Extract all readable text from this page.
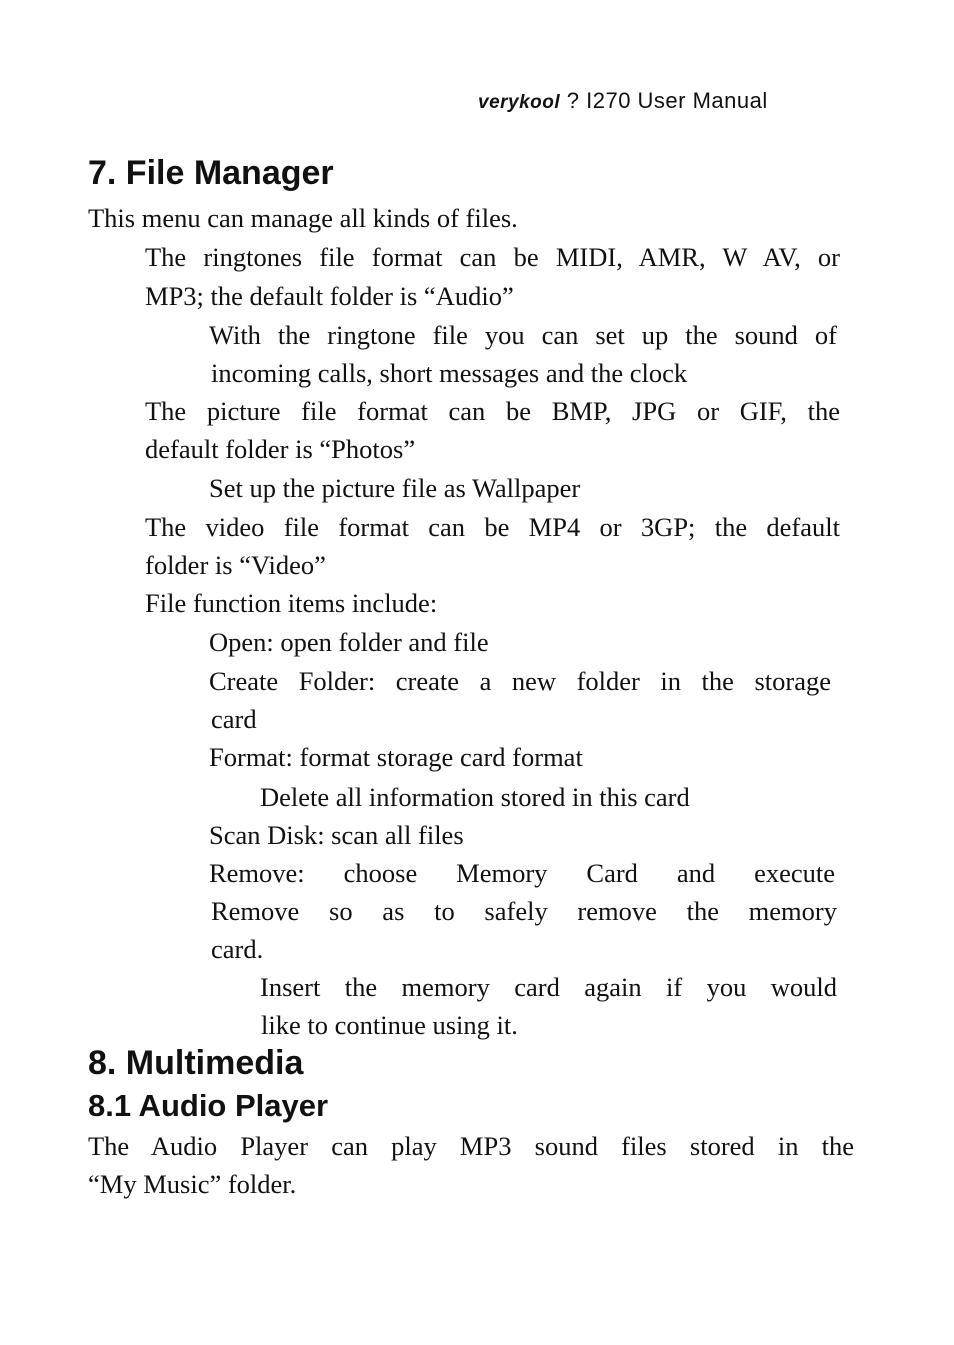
verykool ? I270 User Manual
7. File Manager

This menu can manage all kinds of files.

The ringtones file format can be MIDI, AMR, W AV, or

MP3; the default folder is “Audio”

With the ringtone file you can set up the sound of

incoming calls, short messages and the clock

The picture file format can be BMP, JPG or GIF, the

default folder is “Photos”

Set up the picture file as Wallpaper

The video file format can be MP4 or 3GP; the default

folder is “Video”

File function items include:

Open: open folder and file

Create Folder: create a new folder in the storage

card

Format: format storage card format

Delete all information stored in this card

Scan Disk: scan all files

Remove: choose Memory Card and execute

Remove so as to safely remove the memory

card.

Insert the memory card again if you would

like to continue using it.

8. Multimedia
8.1 Audio Player

The Audio Player can play MP3 sound files stored in the

“My Music” folder.
